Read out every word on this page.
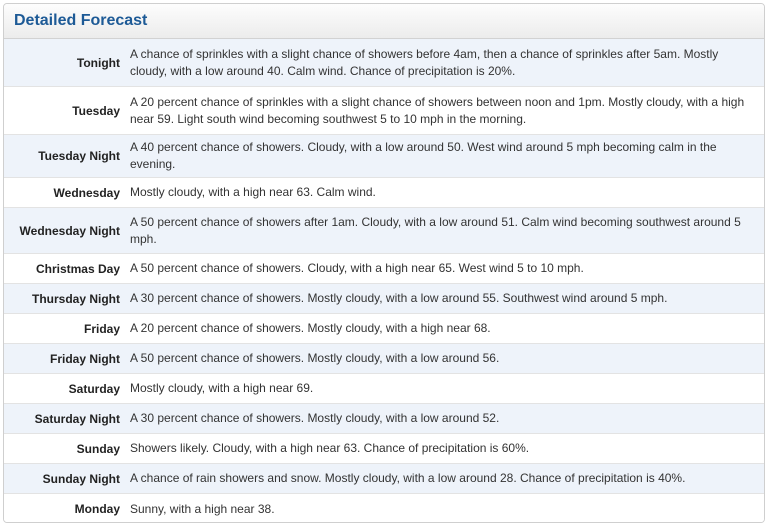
Detailed Forecast
Tonight
A chance of sprinkles with a slight chance of showers before 4am, then a chance of sprinkles after 5am. Mostly cloudy, with a low around 40. Calm wind. Chance of precipitation is 20%.
Tuesday
A 20 percent chance of sprinkles with a slight chance of showers between noon and 1pm. Mostly cloudy, with a high near 59. Light south wind becoming southwest 5 to 10 mph in the morning.
Tuesday Night
A 40 percent chance of showers. Cloudy, with a low around 50. West wind around 5 mph becoming calm in the evening.
Wednesday Mostly cloudy, with a high near 63. Calm wind.
Wednesday Night
A 50 percent chance of showers after 1am. Cloudy, with a low around 51. Calm wind becoming southwest around 5 mph.
Christmas Day A 50 percent chance of showers. Cloudy, with a high near 65. West wind 5 to 10 mph.
Thursday Night A 30 percent chance of showers. Mostly cloudy, with a low around 55. Southwest wind around 5 mph.
Friday A 20 percent chance of showers. Mostly cloudy, with a high near 68.
Friday Night A 50 percent chance of showers. Mostly cloudy, with a low around 56.
Saturday Mostly cloudy, with a high near 69.
Saturday Night A 30 percent chance of showers. Mostly cloudy, with a low around 52.
Sunday Showers likely. Cloudy, with a high near 63. Chance of precipitation is 60%.
Sunday Night A chance of rain showers and snow. Mostly cloudy, with a low around 28. Chance of precipitation is 40%.
Monday Sunny, with a high near 38.
